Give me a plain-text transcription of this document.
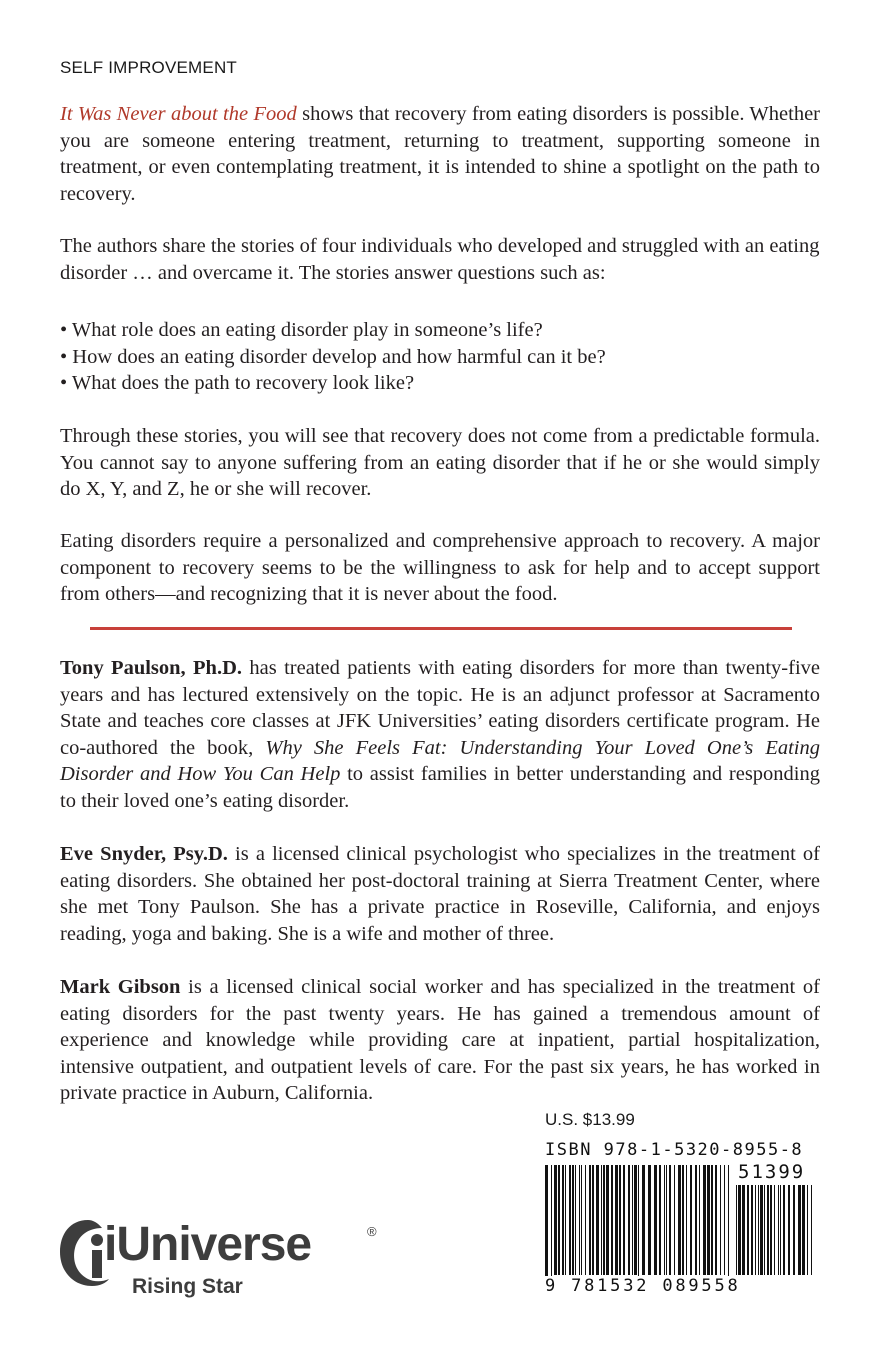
SELF IMPROVEMENT
It Was Never about the Food shows that recovery from eating disorders is possible. Whether you are someone entering treatment, returning to treatment, supporting someone in treatment, or even contemplating treatment, it is intended to shine a spotlight on the path to recovery.
The authors share the stories of four individuals who developed and struggled with an eating disorder … and overcame it. The stories answer questions such as:
• What role does an eating disorder play in someone’s life?
• How does an eating disorder develop and how harmful can it be?
• What does the path to recovery look like?
Through these stories, you will see that recovery does not come from a predictable formula. You cannot say to anyone suffering from an eating disorder that if he or she would simply do X, Y, and Z, he or she will recover.
Eating disorders require a personalized and comprehensive approach to recovery. A major component to recovery seems to be the willingness to ask for help and to accept support from others—and recognizing that it is never about the food.
Tony Paulson, Ph.D. has treated patients with eating disorders for more than twenty-five years and has lectured extensively on the topic. He is an adjunct professor at Sacramento State and teaches core classes at JFK Universities’ eating disorders certificate program. He co-authored the book, Why She Feels Fat: Understanding Your Loved One’s Eating Disorder and How You Can Help to assist families in better understanding and responding to their loved one’s eating disorder.
Eve Snyder, Psy.D. is a licensed clinical psychologist who specializes in the treatment of eating disorders. She obtained her post-doctoral training at Sierra Treatment Center, where she met Tony Paulson. She has a private practice in Roseville, California, and enjoys reading, yoga and baking. She is a wife and mother of three.
Mark Gibson is a licensed clinical social worker and has specialized in the treatment of eating disorders for the past twenty years. He has gained a tremendous amount of experience and knowledge while providing care at inpatient, partial hospitalization, intensive outpatient, and outpatient levels of care. For the past six years, he has worked in private practice in Auburn, California.
U.S. $13.99
ISBN 978-1-5320-8955-8
51399
9 781532 089558
iUniverse	®
Rising Star
